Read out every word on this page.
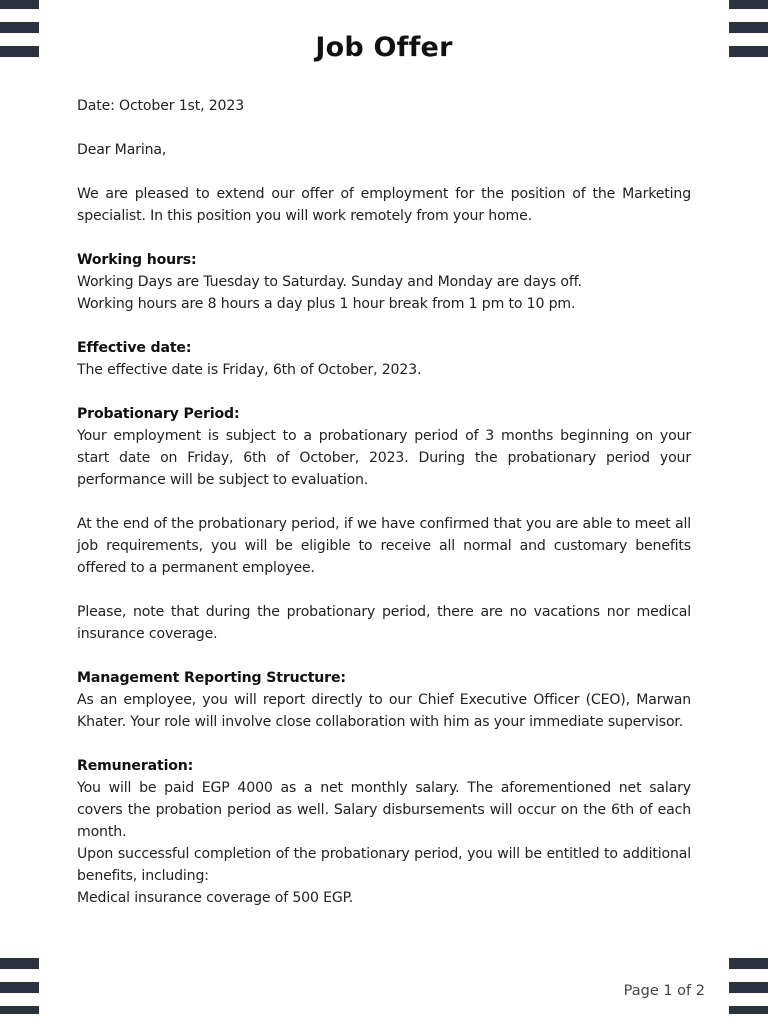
Job Offer

Date: October 1st, 2023

Dear Marina,

We are pleased to extend our offer of employment for the position of the Marketing specialist. In this position you will work remotely from your home.

Working hours:

Working Days are Tuesday to Saturday. Sunday and Monday are days off.

Working hours are 8 hours a day plus 1 hour break from 1 pm to 10 pm.

Effective date:

The effective date is Friday, 6th of October, 2023.

Probationary Period:

Your employment is subject to a probationary period of 3 months beginning on your start date on Friday, 6th of October, 2023. During the probationary period your performance will be subject to evaluation.

At the end of the probationary period, if we have confirmed that you are able to meet all job requirements, you will be eligible to receive all normal and customary benefits offered to a permanent employee.

Please, note that during the probationary period, there are no vacations nor medical insurance coverage.

Management Reporting Structure:

As an employee, you will report directly to our Chief Executive Officer (CEO), Marwan Khater. Your role will involve close collaboration with him as your immediate supervisor.

Remuneration:

You will be paid EGP 4000 as a net monthly salary. The aforementioned net salary covers the probation period as well. Salary disbursements will occur on the 6th of each month.

Upon successful completion of the probationary period, you will be entitled to additional benefits, including:

Medical insurance coverage of 500 EGP.

Page 1 of 2
